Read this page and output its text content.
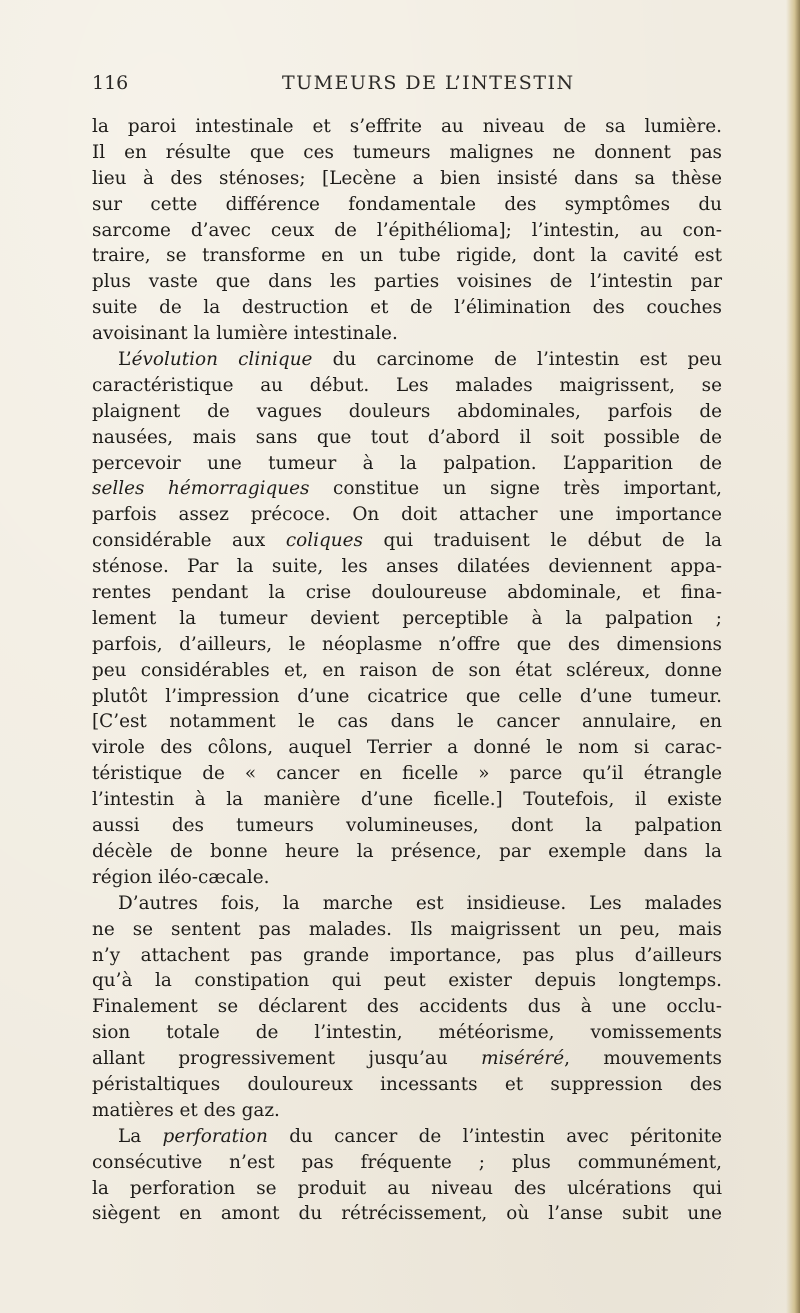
116	TUMEURS DE L’INTESTIN
la paroi intestinale et s’effrite au niveau de sa lumière.
Il en résulte que ces tumeurs malignes ne donnent pas
lieu à des sténoses; [Lecène a bien insisté dans sa thèse
sur cette différence fondamentale des symptômes du
sarcome d’avec ceux de l’épithélioma]; l’intestin, au con-
traire, se transforme en un tube rigide, dont la cavité est
plus vaste que dans les parties voisines de l’intestin par
suite de la destruction et de l’élimination des couches
avoisinant la lumière intestinale.
L’évolution clinique du carcinome de l’intestin est peu
caractéristique au début. Les malades maigrissent, se
plaignent de vagues douleurs abdominales, parfois de
nausées, mais sans que tout d’abord il soit possible de
percevoir une tumeur à la palpation. L’apparition de
selles hémorragiques constitue un signe très important,
parfois assez précoce. On doit attacher une importance
considérable aux coliques qui traduisent le début de la
sténose. Par la suite, les anses dilatées deviennent appa-
rentes pendant la crise douloureuse abdominale, et fina-
lement la tumeur devient perceptible à la palpation ;
parfois, d’ailleurs, le néoplasme n’offre que des dimensions
peu considérables et, en raison de son état scléreux, donne
plutôt l’impression d’une cicatrice que celle d’une tumeur.
[C’est notamment le cas dans le cancer annulaire, en
virole des côlons, auquel Terrier a donné le nom si carac-
téristique de « cancer en ficelle » parce qu’il étrangle
l’intestin à la manière d’une ficelle.] Toutefois, il existe
aussi des tumeurs volumineuses, dont la palpation
décèle de bonne heure la présence, par exemple dans la
région iléo-cæcale.
D’autres fois, la marche est insidieuse. Les malades
ne se sentent pas malades. Ils maigrissent un peu, mais
n’y attachent pas grande importance, pas plus d’ailleurs
qu’à la constipation qui peut exister depuis longtemps.
Finalement se déclarent des accidents dus à une occlu-
sion totale de l’intestin, météorisme, vomissements
allant progressivement jusqu’au miséréré, mouvements
péristaltiques douloureux incessants et suppression des
matières et des gaz.
La perforation du cancer de l’intestin avec péritonite
consécutive n’est pas fréquente ; plus communément,
la perforation se produit au niveau des ulcérations qui
siègent en amont du rétrécissement, où l’anse subit une
